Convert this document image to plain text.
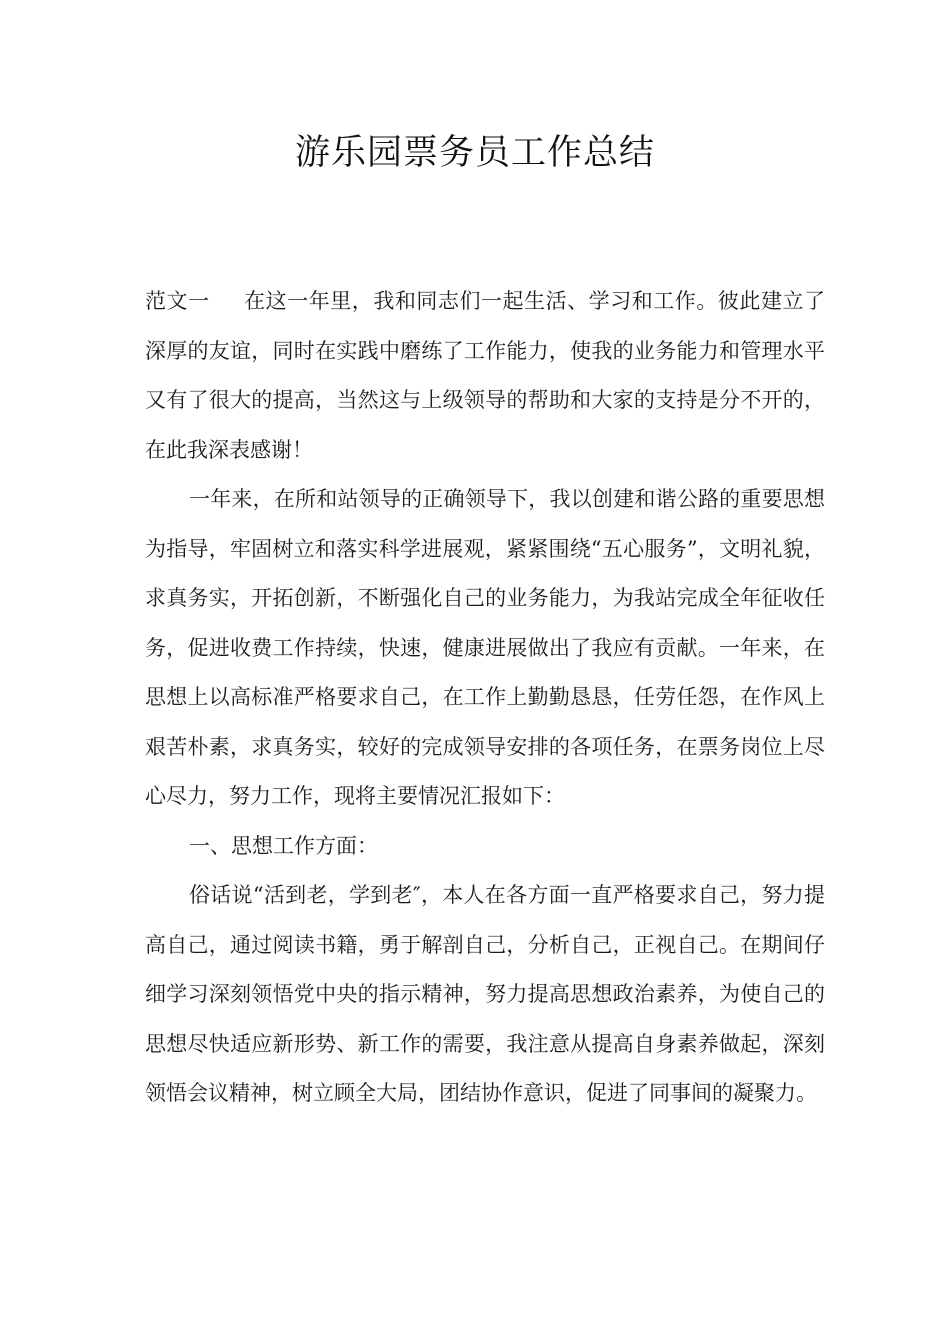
游乐园票务员工作总结

范文一 在这一年里，我和同志们一起生活、学习和工作。彼此建立了深厚的友谊，同时在实践中磨练了工作能力，使我的业务能力和管理水平又有了很大的提高，当然这与上级领导的帮助和大家的支持是分不开的，在此我深表感谢！

一年来，在所和站领导的正确领导下，我以创建和谐公路的重要思想为指导，牢固树立和落实科学进展观，紧紧围绕“五心服务”，文明礼貌，求真务实，开拓创新，不断强化自己的业务能力，为我站完成全年征收任务，促进收费工作持续，快速，健康进展做出了我应有贡献。一年来，在思想上以高标准严格要求自己，在工作上勤勤恳恳，任劳任怨，在作风上艰苦朴素，求真务实，较好的完成领导安排的各项任务，在票务岗位上尽心尽力，努力工作，现将主要情况汇报如下：

一、思想工作方面：

俗话说“活到老，学到老″，本人在各方面一直严格要求自己，努力提高自己，通过阅读书籍，勇于解剖自己，分析自己，正视自己。在期间仔细学习深刻领悟党中央的指示精神，努力提高思想政治素养，为使自己的思想尽快适应新形势、新工作的需要，我注意从提高自身素养做起，深刻领悟会议精神，树立顾全大局，团结协作意识，促进了同事间的凝聚力。
